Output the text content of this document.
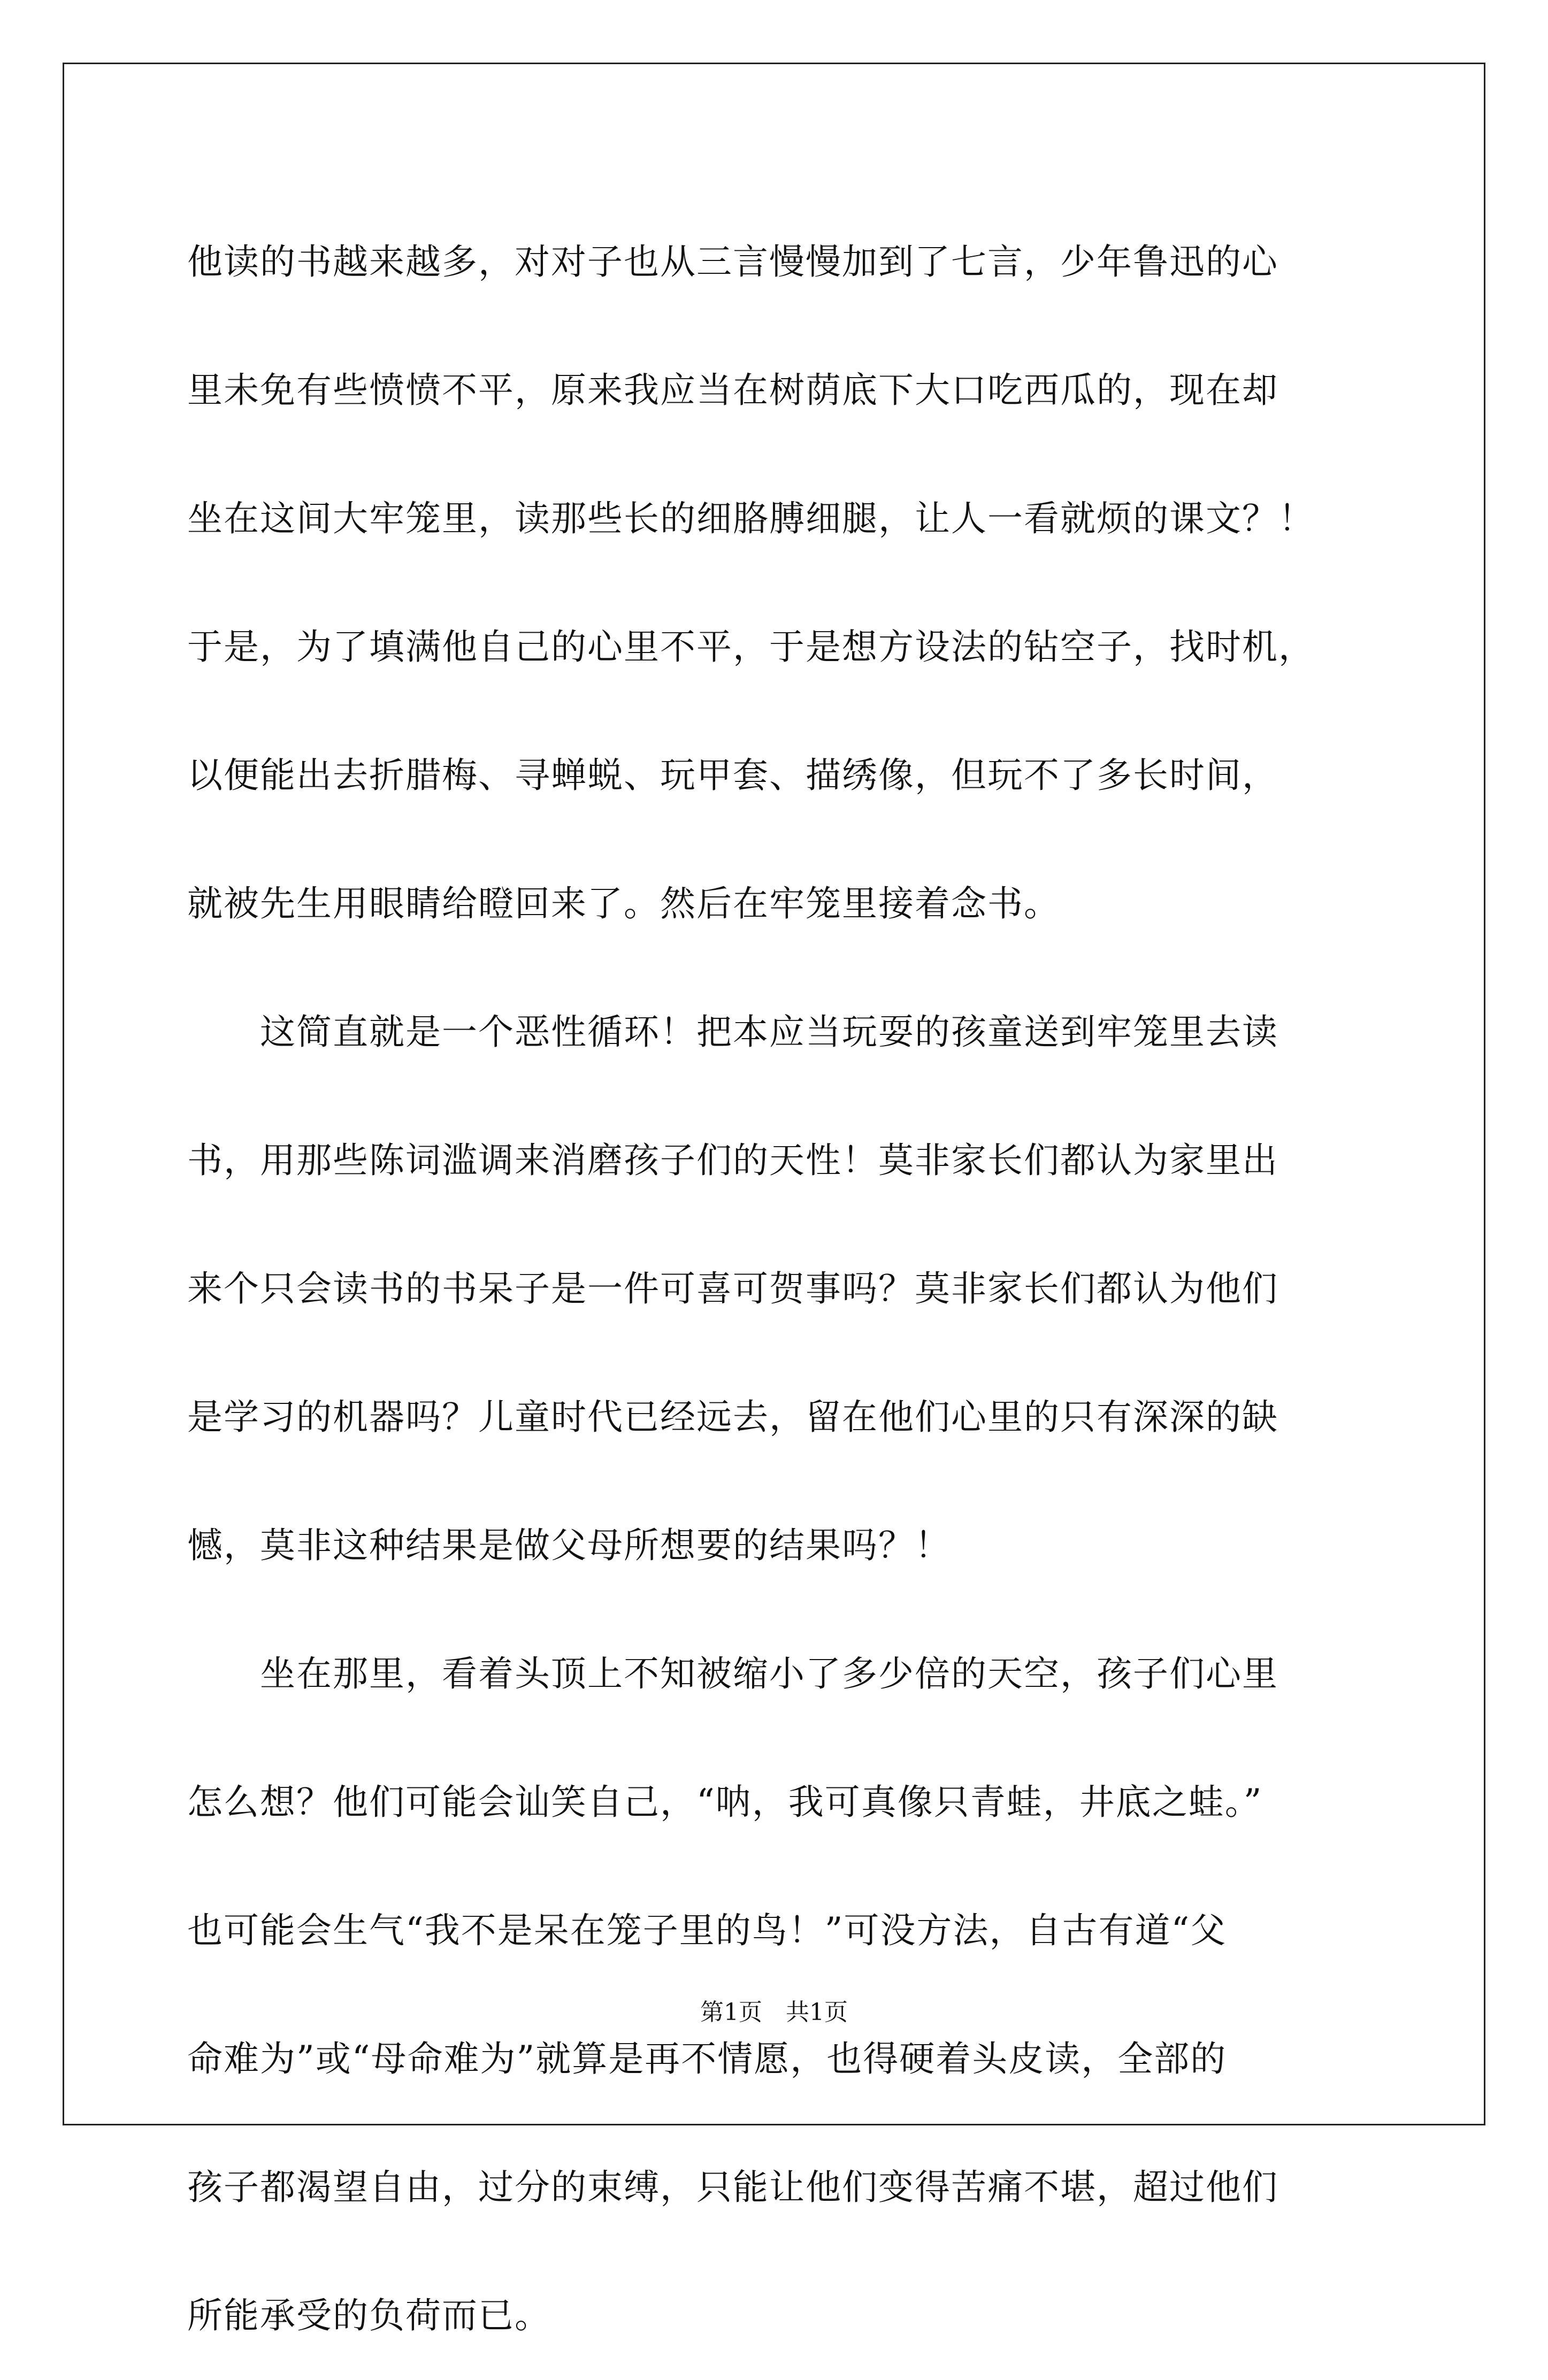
他读的书越来越多，对对子也从三言慢慢加到了七言，少年鲁迅的心
里未免有些愤愤不平，原来我应当在树荫底下大口吃西瓜的，现在却
坐在这间大牢笼里，读那些长的细胳膊细腿，让人一看就烦的课文？！
于是，为了填满他自己的心里不平，于是想方设法的钻空子，找时机，
以便能出去折腊梅、寻蝉蜕、玩甲套、描绣像，但玩不了多长时间，
就被先生用眼睛给瞪回来了。然后在牢笼里接着念书。
　　这简直就是一个恶性循环！把本应当玩耍的孩童送到牢笼里去读
书，用那些陈词滥调来消磨孩子们的天性！莫非家长们都认为家里出
来个只会读书的书呆子是一件可喜可贺事吗？莫非家长们都认为他们
是学习的机器吗？儿童时代已经远去，留在他们心里的只有深深的缺
憾，莫非这种结果是做父母所想要的结果吗？！
　　坐在那里，看着头顶上不知被缩小了多少倍的天空，孩子们心里
怎么想？他们可能会讪笑自己，“呐，我可真像只青蛙，井底之蛙。”
也可能会生气“我不是呆在笼子里的鸟！”可没方法，自古有道“父
命难为”或“母命难为”就算是再不情愿，也得硬着头皮读，全部的
孩子都渴望自由，过分的束缚，只能让他们变得苦痛不堪，超过他们
所能承受的负荷而已。
第1页　共1页
